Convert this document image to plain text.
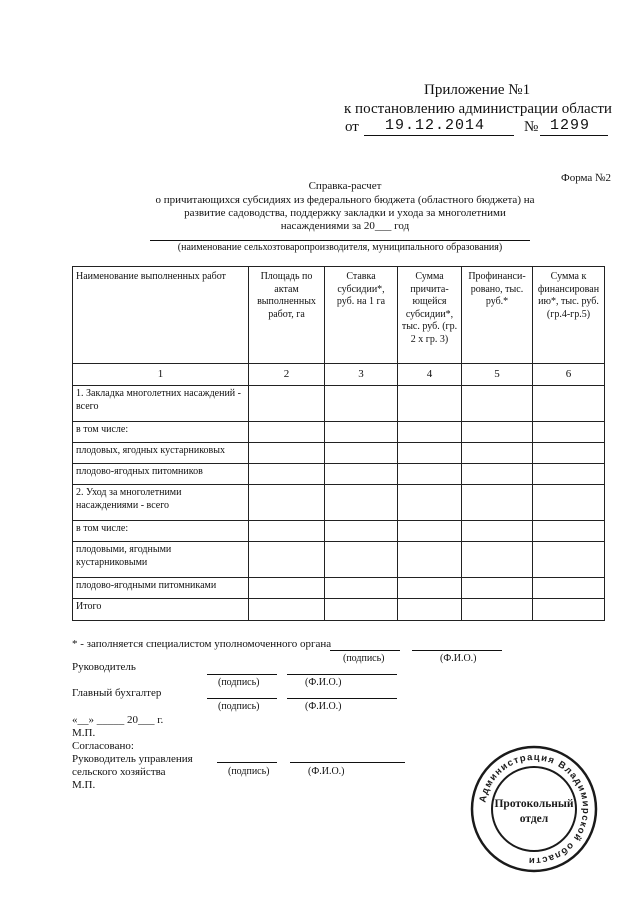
Приложение №1
к постановлению администрации области
от 19.12.2014	№ 1299
Форма №2
Справка-расчет
о причитающихся субсидиях из федерального бюджета (областного бюджета) на
развитие садоводства, поддержку закладки и ухода за многолетними
насаждениями за 20___ год
(наименование сельхозтоваропроизводителя, муниципального образования)
Наименование выполненных работ	Площадь по актам выполненных работ, га	Ставка субсидии*, руб. на 1 га	Сумма причита-ющейся субсидии*, тыс. руб. (гр. 2 х гр. 3)	Профинанси-ровано, тыс. руб.*	Сумма к финансирован ию*, тыс. руб. (гр.4-гр.5)
1	2	3	4	5	6
1. Закладка многолетних насаждений - всего					
в том числе:					
плодовых, ягодных кустарниковых					
плодово-ягодных питомников					
2. Уход за многолетними насаждениями - всего					
в том числе:					
плодовыми, ягодными кустарниковыми					
плодово-ягодными питомниками					
Итого					
* - заполняется специалистом уполномоченного органа
(подпись)	(Ф.И.О.)
Руководитель
(подпись)	(Ф.И.О.)
Главный бухгалтер
(подпись)	(Ф.И.О.)
«__» _____ 20___ г.
М.П.
Согласовано:
Руководитель управления
сельского хозяйства	(подпись)	(Ф.И.О.)
М.П.
Администрация Владимирской области
Протокольный
отдел
